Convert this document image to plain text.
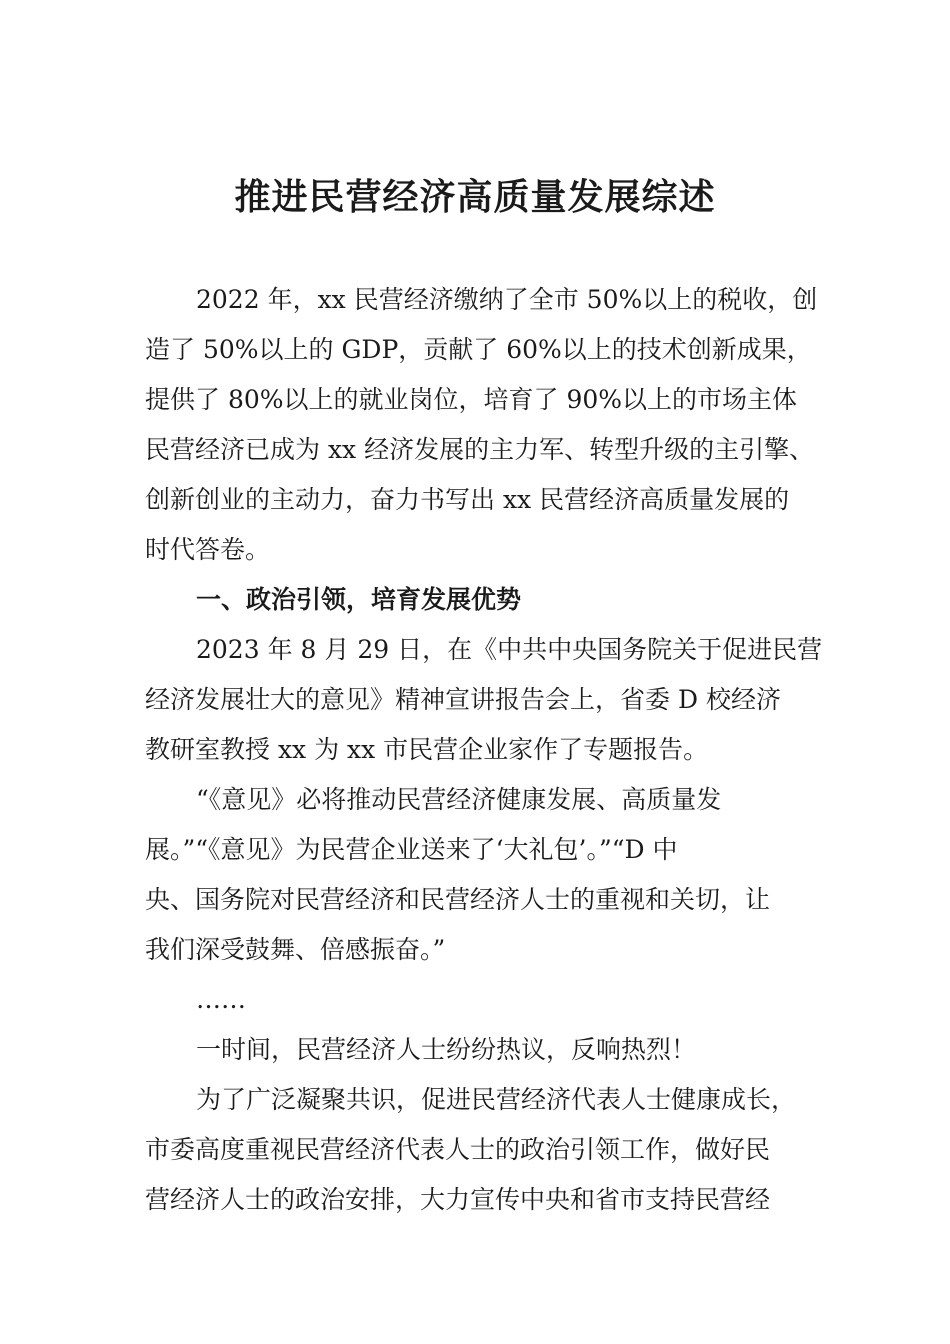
推进民营经济高质量发展综述

2022 年，xx 民营经济缴纳了全市 50%以上的税收，创

造了 50%以上的 GDP，贡献了 60%以上的技术创新成果，

提供了 80%以上的就业岗位，培育了 90%以上的市场主体

民营经济已成为 xx 经济发展的主力军、转型升级的主引擎、

创新创业的主动力，奋力书写出 xx 民营经济高质量发展的

时代答卷。

一、政治引领，培育发展优势

2023 年 8 月 29 日，在《中共中央国务院关于促进民营

经济发展壮大的意见》精神宣讲报告会上，省委 D 校经济

教研室教授 xx 为 xx 市民营企业家作了专题报告。

“《意见》必将推动民营经济健康发展、高质量发

展。”“《意见》为民营企业送来了‘大礼包’。”“D 中

央、国务院对民营经济和民营经济人士的重视和关切，让

我们深受鼓舞、倍感振奋。”

……

一时间，民营经济人士纷纷热议，反响热烈！

为了广泛凝聚共识，促进民营经济代表人士健康成长，

市委高度重视民营经济代表人士的政治引领工作，做好民

营经济人士的政治安排，大力宣传中央和省市支持民营经
